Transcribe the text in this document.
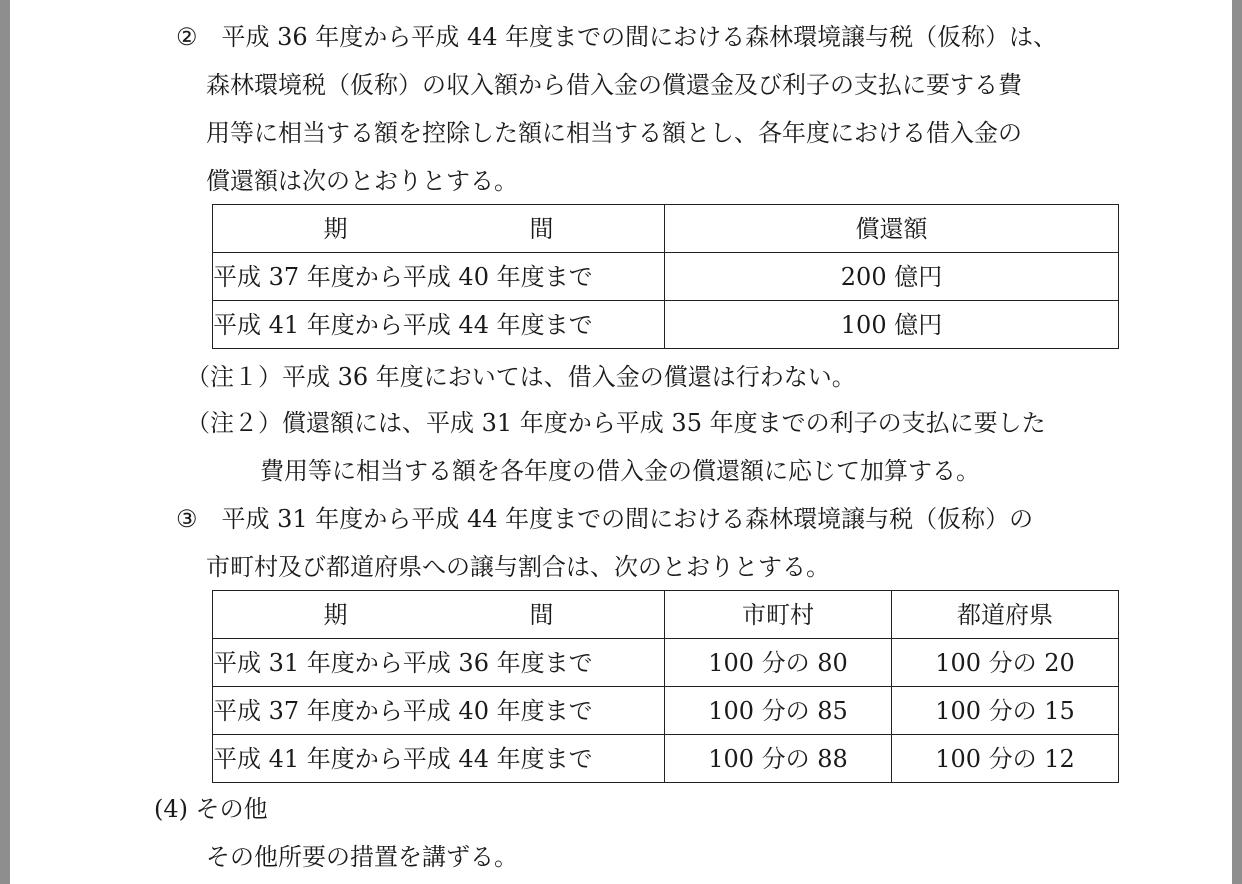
② 平成 36 年度から平成 44 年度までの間における森林環境譲与税（仮称）は、
森林環境税（仮称）の収入額から借入金の償還金及び利子の支払に要する費
用等に相当する額を控除した額に相当する額とし、各年度における借入金の
償還額は次のとおりとする。
期　　間	償還額
平成 37 年度から平成 40 年度まで	200 億円
平成 41 年度から平成 44 年度まで	100 億円
（注１）平成 36 年度においては、借入金の償還は行わない。
（注２）償還額には、平成 31 年度から平成 35 年度までの利子の支払に要した
費用等に相当する額を各年度の借入金の償還額に応じて加算する。
③ 平成 31 年度から平成 44 年度までの間における森林環境譲与税（仮称）の
市町村及び都道府県への譲与割合は、次のとおりとする。
期　　間	市町村	都道府県
平成 31 年度から平成 36 年度まで	100 分の 80	100 分の 20
平成 37 年度から平成 40 年度まで	100 分の 85	100 分の 15
平成 41 年度から平成 44 年度まで	100 分の 88	100 分の 12
(4) その他
その他所要の措置を講ずる。
